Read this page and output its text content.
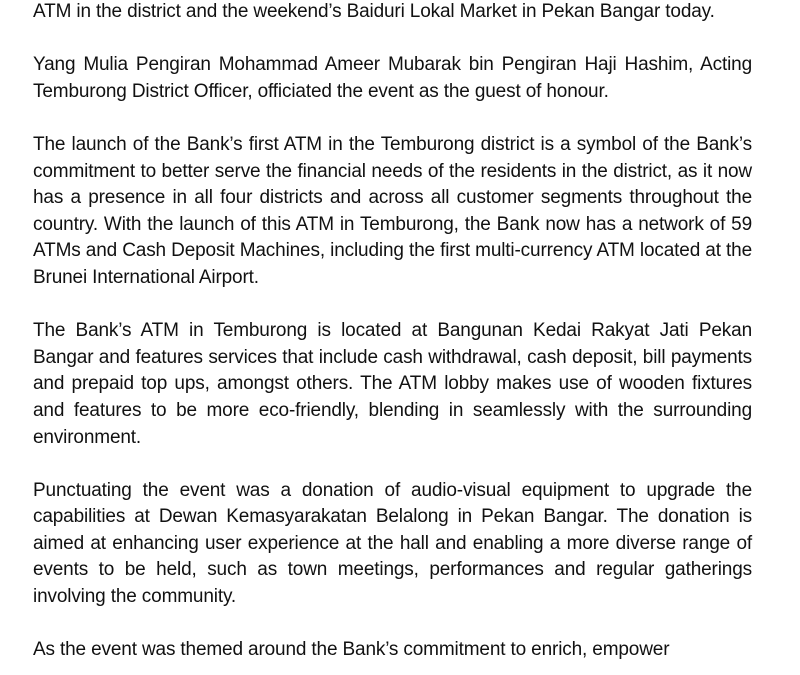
ATM in the district and the weekend’s Baiduri Lokal Market in Pekan Bangar today.

Yang Mulia Pengiran Mohammad Ameer Mubarak bin Pengiran Haji Hashim, Acting Temburong District Officer, officiated the event as the guest of honour.

The launch of the Bank’s first ATM in the Temburong district is a symbol of the Bank’s commitment to better serve the financial needs of the residents in the district, as it now has a presence in all four districts and across all customer segments throughout the country. With the launch of this ATM in Temburong, the Bank now has a network of 59 ATMs and Cash Deposit Machines, including the first multi-currency ATM located at the Brunei International Airport.

The Bank’s ATM in Temburong is located at Bangunan Kedai Rakyat Jati Pekan Bangar and features services that include cash withdrawal, cash deposit, bill payments and prepaid top ups, amongst others. The ATM lobby makes use of wooden fixtures and features to be more eco-friendly, blending in seamlessly with the surrounding environment.

Punctuating the event was a donation of audio-visual equipment to upgrade the capabilities at Dewan Kemasyarakatan Belalong in Pekan Bangar. The donation is aimed at enhancing user experience at the hall and enabling a more diverse range of events to be held, such as town meetings, performances and regular gatherings involving the community.

As the event was themed around the Bank’s commitment to enrich, empower
